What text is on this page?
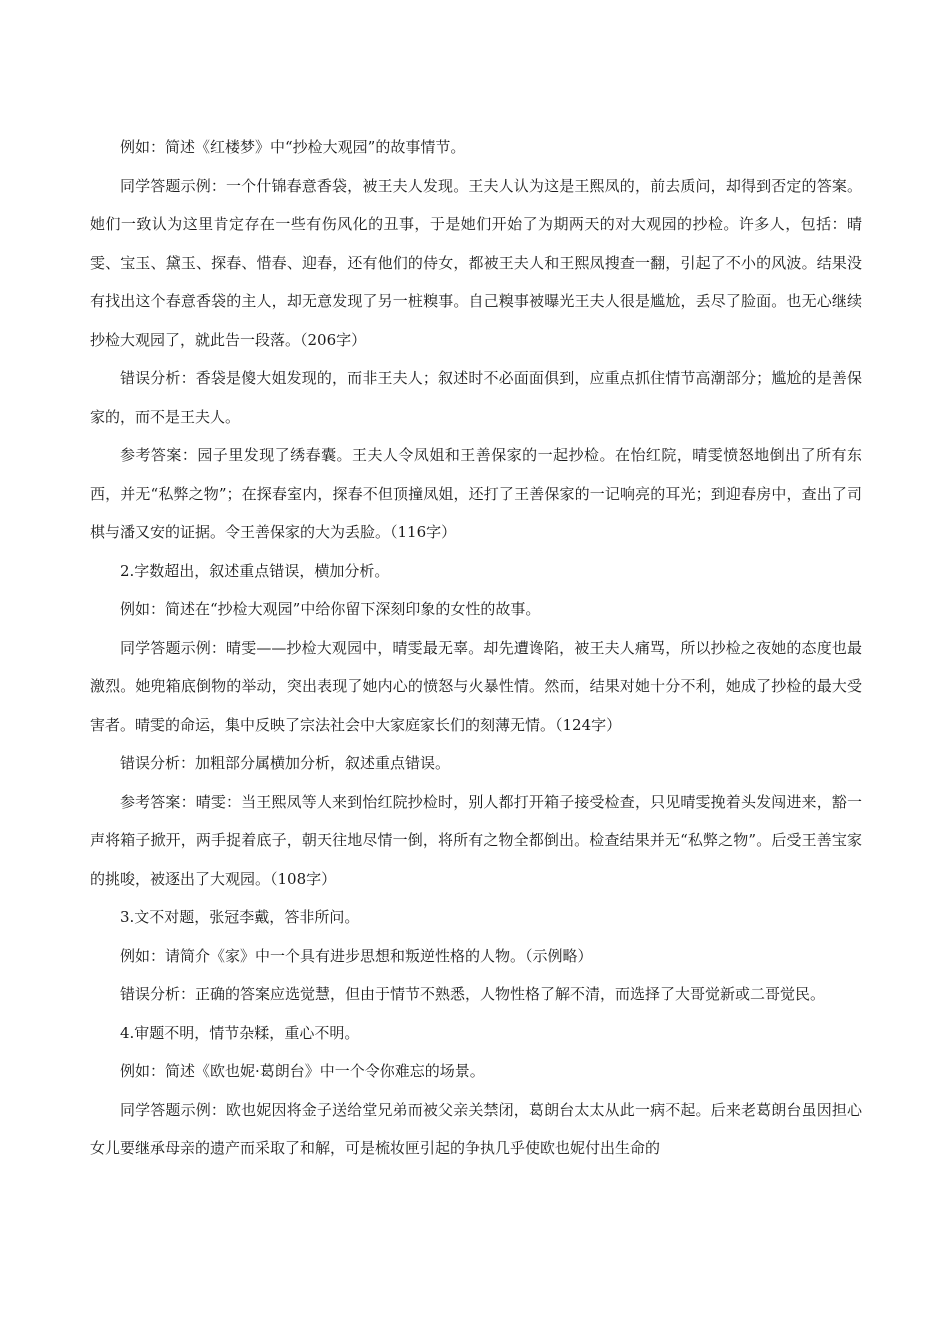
例如：简述《红楼梦》中“抄检大观园”的故事情节。

同学答题示例：一个什锦春意香袋，被王夫人发现。王夫人认为这是王熙凤的，前去质问，却得到否定的答案。她们一致认为这里肯定存在一些有伤风化的丑事，于是她们开始了为期两天的对大观园的抄检。许多人，包括：晴雯、宝玉、黛玉、探春、惜春、迎春，还有他们的侍女，都被王夫人和王熙凤搜查一翻，引起了不小的风波。结果没有找出这个春意香袋的主人，却无意发现了另一桩糗事。自己糗事被曝光王夫人很是尴尬，丢尽了脸面。也无心继续抄检大观园了，就此告一段落。（206字）

错误分析：香袋是傻大姐发现的，而非王夫人；叙述时不必面面俱到，应重点抓住情节高潮部分；尴尬的是善保家的，而不是王夫人。

参考答案：园子里发现了绣春囊。王夫人令凤姐和王善保家的一起抄检。在怡红院，晴雯愤怒地倒出了所有东西，并无“私弊之物”；在探春室内，探春不但顶撞凤姐，还打了王善保家的一记响亮的耳光；到迎春房中，查出了司棋与潘又安的证据。令王善保家的大为丢脸。（116字）

2.字数超出，叙述重点错误，横加分析。

例如：简述在“抄检大观园”中给你留下深刻印象的女性的故事。

同学答题示例：晴雯——抄检大观园中，晴雯最无辜。却先遭谗陷，被王夫人痛骂，所以抄检之夜她的态度也最激烈。她兜箱底倒物的举动，突出表现了她内心的愤怒与火暴性情。然而，结果对她十分不利，她成了抄检的最大受害者。晴雯的命运，集中反映了宗法社会中大家庭家长们的刻薄无情。（124字）

错误分析：加粗部分属横加分析，叙述重点错误。

参考答案：晴雯：当王熙凤等人来到怡红院抄检时，别人都打开箱子接受检查，只见晴雯挽着头发闯进来，豁一声将箱子掀开，两手捉着底子，朝天往地尽情一倒，将所有之物全都倒出。检查结果并无“私弊之物”。后受王善宝家的挑唆，被逐出了大观园。（108字）

3.文不对题，张冠李戴，答非所问。

例如：请简介《家》中一个具有进步思想和叛逆性格的人物。（示例略）

错误分析：正确的答案应选觉慧，但由于情节不熟悉，人物性格了解不清，而选择了大哥觉新或二哥觉民。

4.审题不明，情节杂糅，重心不明。

例如：简述《欧也妮·葛朗台》中一个令你难忘的场景。

同学答题示例：欧也妮因将金子送给堂兄弟而被父亲关禁闭，葛朗台太太从此一病不起。后来老葛朗台虽因担心女儿要继承母亲的遗产而采取了和解，可是梳妆匣引起的争执几乎使欧也妮付出生命的
